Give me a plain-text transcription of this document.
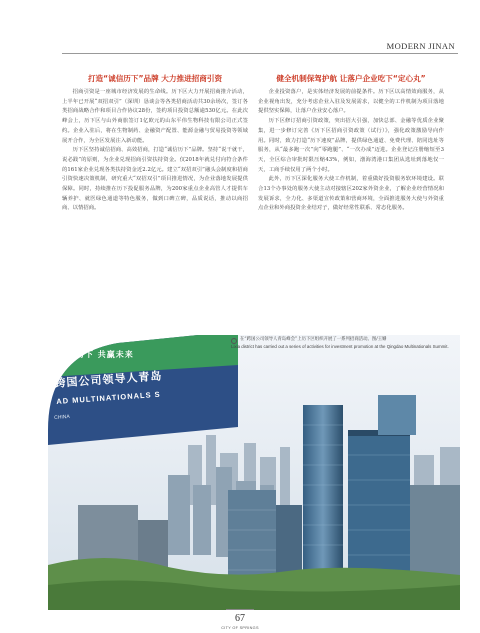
MODERN JINAN
打造“诚信历下”品牌 大力推进招商引资

招商引资是一座城市经济发展的生命线。历下区大力开展招商推介活动，上半年已开展“双招双引”（深圳）恳谈会等各类招商活动共30余场次，签订各类招商战略合作和项目合作协议28份，签约项目投资总额逾530亿元。在此次峰会上，历下区与山外商旅签订1亿欧元的山东平伟生物科技有限公司正式签约。企业入驻后，将在生物制药、金融资产配置、能源金融与贸易投资等领域展开合作，为全区发展注入新动能。

历下区坚持诚信招商、高效招商，打造“诚信历下”品牌。坚持“说干就干，说必践”的原则，为企业兑现招商引资扶持资金。仅2018年就兑付向符合条件的161家企业兑现各类扶持资金近2.2亿元。建立“双招双引”融头会制度和招商引资快速决策机制，研究重大“双招双引”项目推进情况，为企业落地发展提供保障。同时，持续推在历下投促服务品牌，为200家重点企业高管人才提供车辆养护、就医绿色通道等特色服务，做到口碑立碑，品质说话，推动以商招商、以情招商。

健全机制保驾护航 让落户企业吃下“定心丸”

企业投资落户，是实体经济发展的前提条件。历下区以高情效商服务，从企业视角出发，充分考虑企业入驻及发展需求，以健全的工作机制为项目落地提供坚实保障，让落户企业安心落户。

历下区修订招商引资政策，突出招大引强，加快总部、金融等优质企业聚集，进一步修订完善《历下区招商引资政策（试行）》，强化政策激励导向作用。同时，致力打造“历下速度”品牌，提供绿色通道、免费代理、陪同选址等服务，从“最多跑一次”向“零跑腿”、“一次办成”迈进。企业登记注册缩短至3天，全区综合审批时限压缩43%，例如，渤海湾港口集团从选址到落地仅一天，工商手续仅用了两个小时。

此外，历下区深化服务大使工作机制，着重做好投资服务软环境建设。联合13个办事处的服务大使主动对接辖区202家外资企业，了解企业经营情况和发展诉求，全力化、多渠道宣传政策和营商环境，全面推进服务大使与外资重点企业和外商投资企业结对子，做好经常性联系、常态化服务。

济南历下 共赢未来
跨国公司领导人青岛
AD MULTINATIONALS S
CHINA
在“跨国公司领导人青岛峰会”上历下区组织开展了一系列招商活动。图/王姗
Lixia district has carried out a series of activities for investment promotion at the Qingdao Multinationals Summit.
67
CITY OF SPRINGS
